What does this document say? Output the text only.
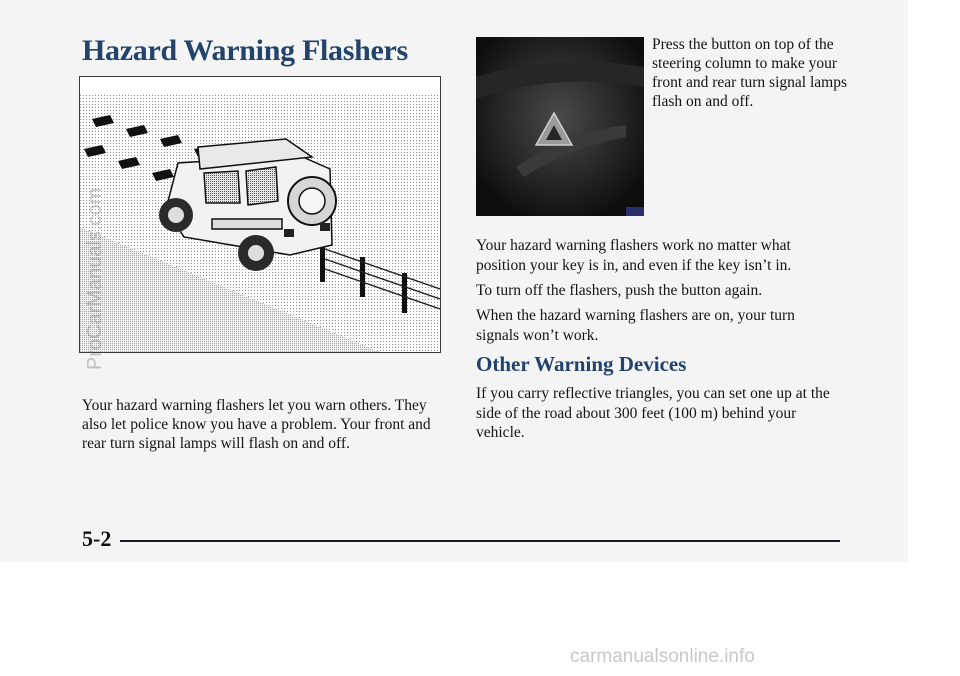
Hazard Warning Flashers	Press the button on top of the steering column to make your front and rear turn signal lamps flash on and off.

Your hazard warning flashers let you warn others. They also let police know you have a problem. Your front and rear turn signal lamps will flash on and off.

Your hazard warning flashers work no matter what position your key is in, and even if the key isn’t in.

To turn off the flashers, push the button again.

When the hazard warning flashers are on, your turn signals won’t work.

Other Warning Devices

If you carry reflective triangles, you can set one up at the side of the road about 300 feet (100 m) behind your vehicle.

5-2
ProCarManuals.com
carmanualsonline.info
